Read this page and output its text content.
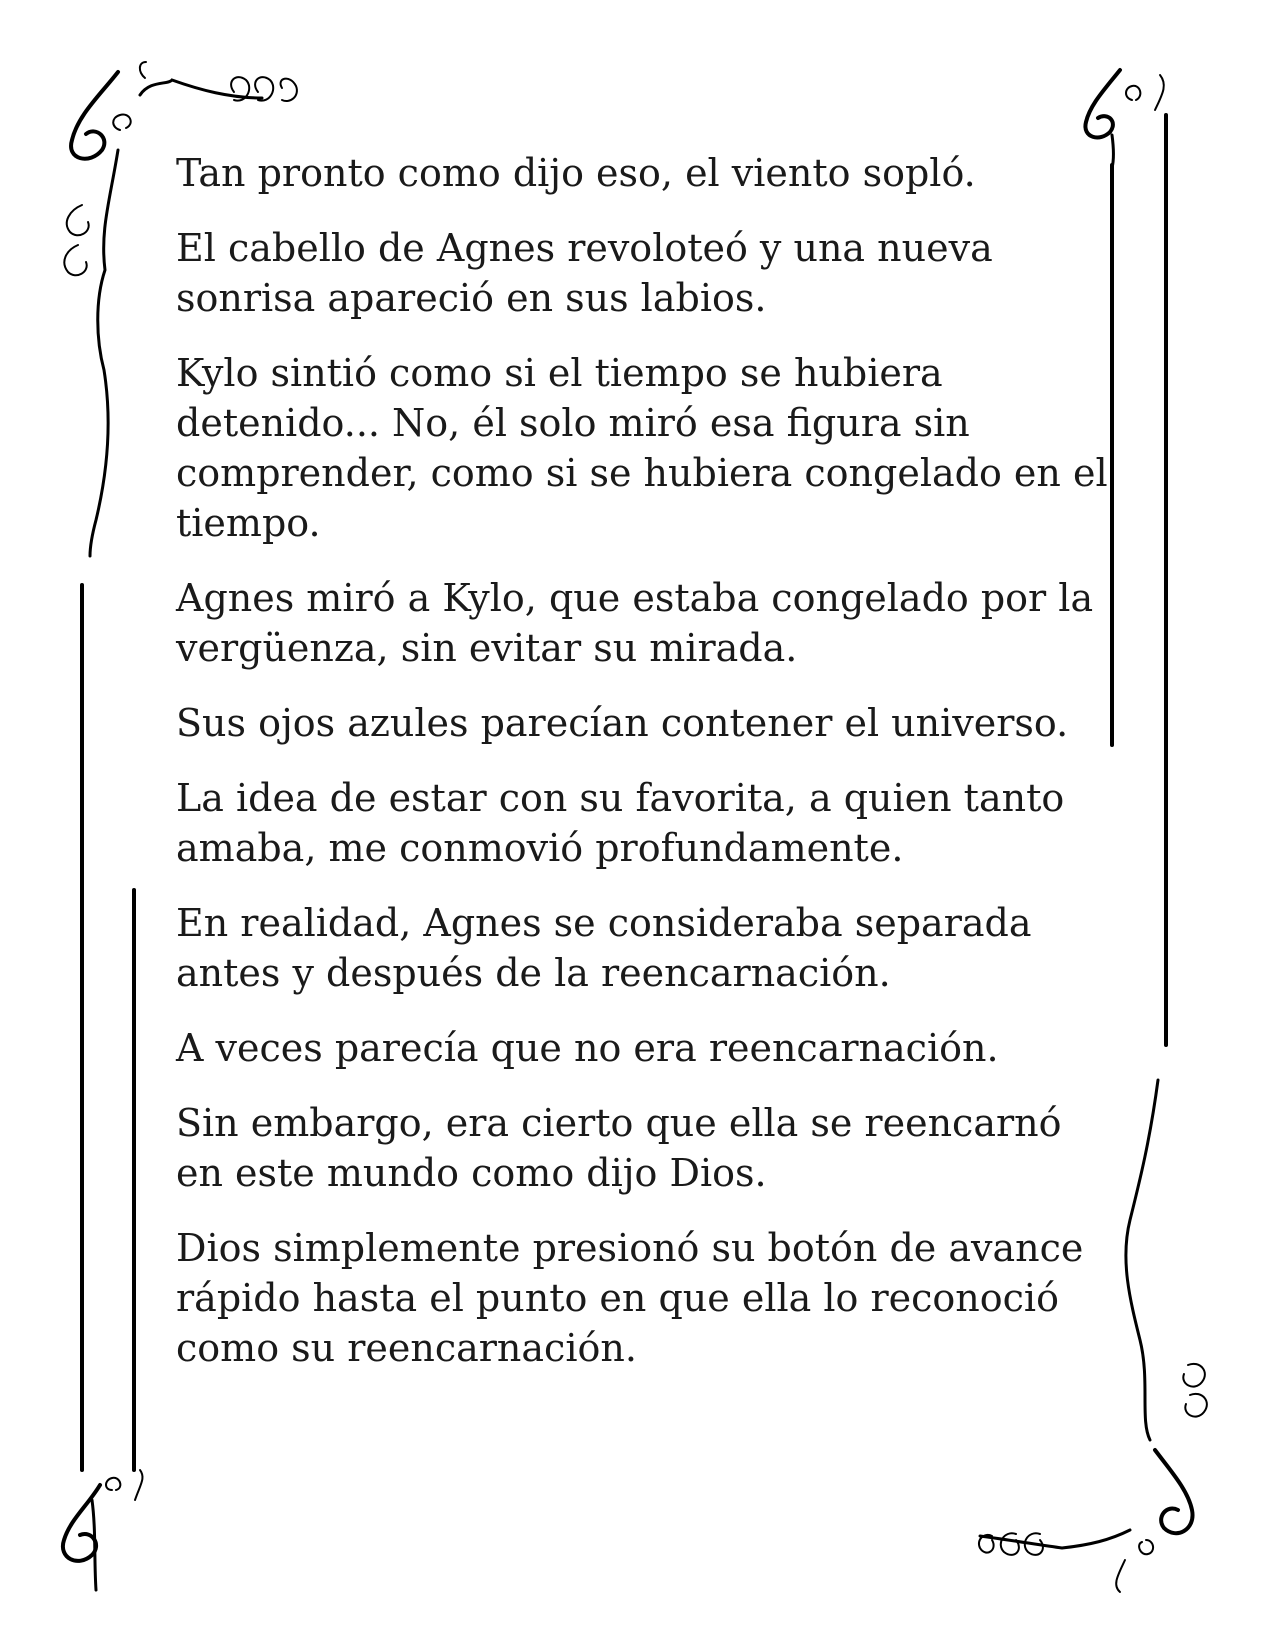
Tan pronto como dijo eso, el viento sopló.

El cabello de Agnes revoloteó y una nueva
sonrisa apareció en sus labios.

Kylo sintió como si el tiempo se hubiera
detenido... No, él solo miró esa figura sin
comprender, como si se hubiera congelado en el
tiempo.

Agnes miró a Kylo, que estaba congelado por la
vergüenza, sin evitar su mirada.

Sus ojos azules parecían contener el universo.

La idea de estar con su favorita, a quien tanto
amaba, me conmovió profundamente.

En realidad, Agnes se consideraba separada
antes y después de la reencarnación.

A veces parecía que no era reencarnación.

Sin embargo, era cierto que ella se reencarnó
en este mundo como dijo Dios.

Dios simplemente presionó su botón de avance
rápido hasta el punto en que ella lo reconoció
como su reencarnación.
